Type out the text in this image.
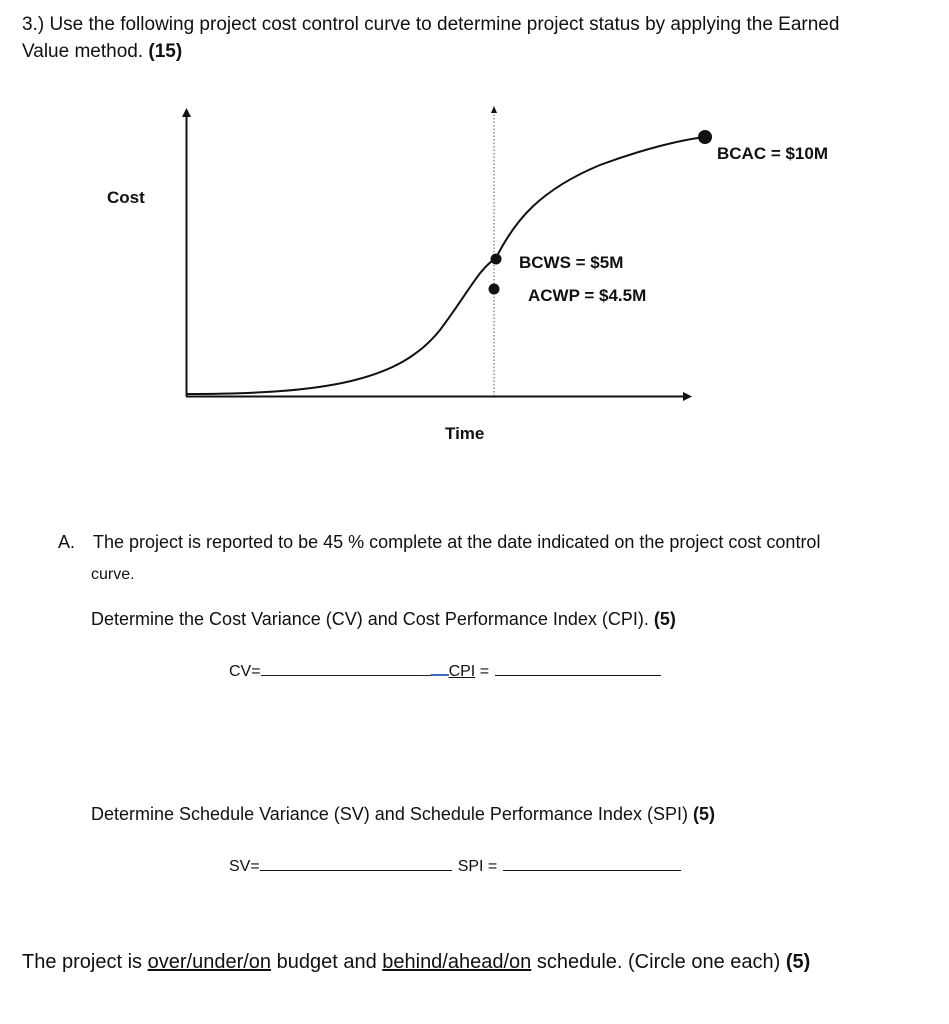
3.) Use the following project cost control curve to determine project status by applying the Earned
Value method. (15)
Cost
Time
BCAC = $10M
BCWS = $5M
ACWP = $4.5M
A. The project is reported to be 45 % complete at the date indicated on the project cost control
curve.
Determine the Cost Variance (CV) and Cost Performance Index (CPI). (5)
CV=	CPI =
Determine Schedule Variance (SV) and Schedule Performance Index (SPI) (5)
SV=	SPI =
The project is over/under/on budget and behind/ahead/on schedule. (Circle one each) (5)
